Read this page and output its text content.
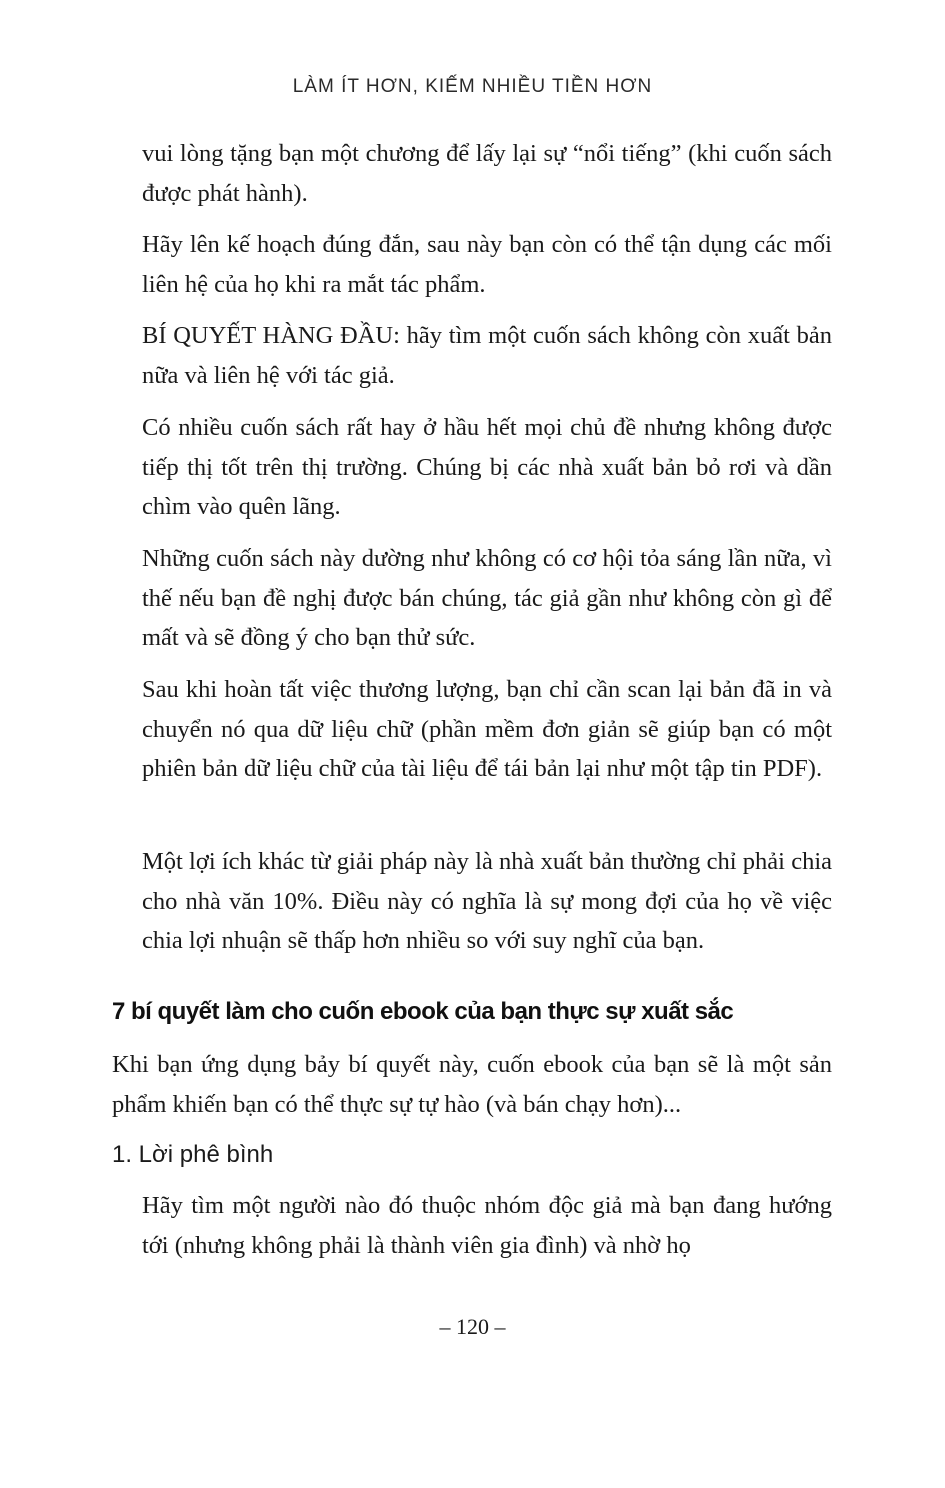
LÀM ÍT HƠN, KIẾM NHIỀU TIỀN HƠN

vui lòng tặng bạn một chương để lấy lại sự “nổi tiếng” (khi cuốn sách được phát hành).

Hãy lên kế hoạch đúng đắn, sau này bạn còn có thể tận dụng các mối liên hệ của họ khi ra mắt tác phẩm.

BÍ QUYẾT HÀNG ĐẦU: hãy tìm một cuốn sách không còn xuất bản nữa và liên hệ với tác giả.

Có nhiều cuốn sách rất hay ở hầu hết mọi chủ đề nhưng không được tiếp thị tốt trên thị trường. Chúng bị các nhà xuất bản bỏ rơi và dần chìm vào quên lãng.

Những cuốn sách này dường như không có cơ hội tỏa sáng lần nữa, vì thế nếu bạn đề nghị được bán chúng, tác giả gần như không còn gì để mất và sẽ đồng ý cho bạn thử sức.

Sau khi hoàn tất việc thương lượng, bạn chỉ cần scan lại bản đã in và chuyển nó qua dữ liệu chữ (phần mềm đơn giản sẽ giúp bạn có một phiên bản dữ liệu chữ của tài liệu để tái bản lại như một tập tin PDF).

Một lợi ích khác từ giải pháp này là nhà xuất bản thường chỉ phải chia cho nhà văn 10%. Điều này có nghĩa là sự mong đợi của họ về việc chia lợi nhuận sẽ thấp hơn nhiều so với suy nghĩ của bạn.

7 bí quyết làm cho cuốn ebook của bạn thực sự xuất sắc

Khi bạn ứng dụng bảy bí quyết này, cuốn ebook của bạn sẽ là một sản phẩm khiến bạn có thể thực sự tự hào (và bán chạy hơn)...

1. Lời phê bình

Hãy tìm một người nào đó thuộc nhóm độc giả mà bạn đang hướng tới (nhưng không phải là thành viên gia đình) và nhờ họ

– 120 –
